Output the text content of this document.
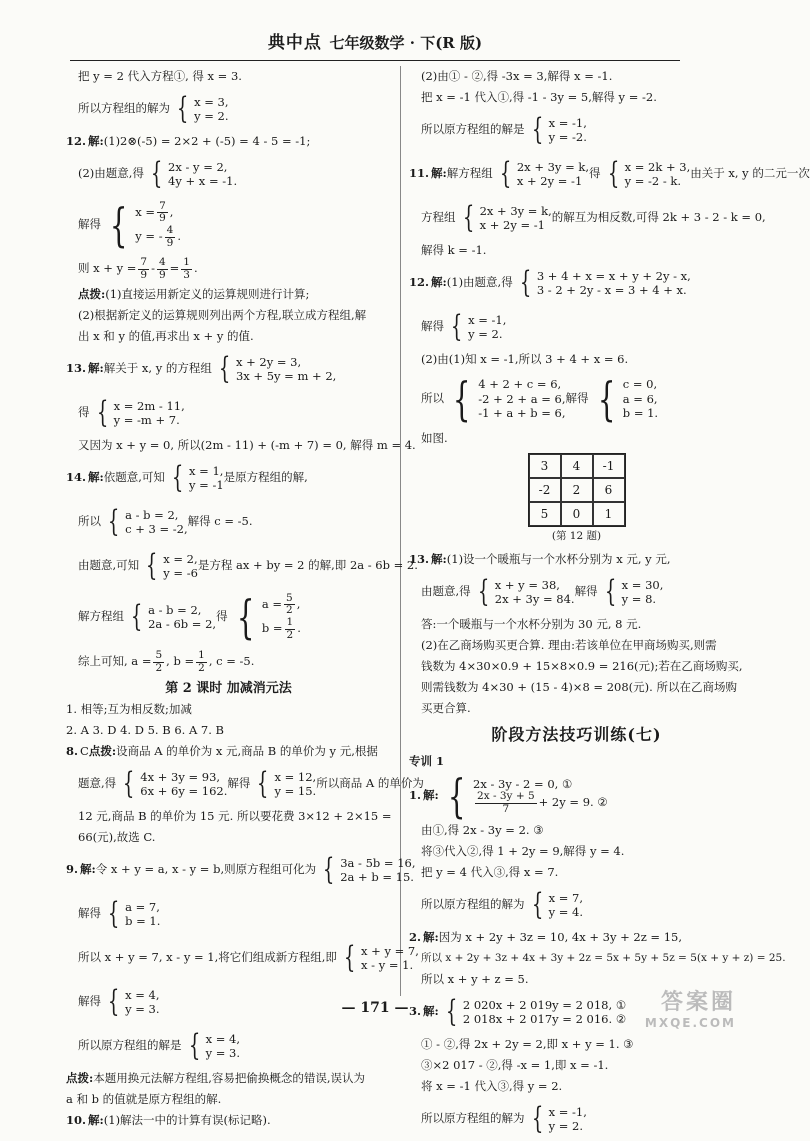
典中点 七年级数学 · 下(R 版)
把 y = 2 代入方程①, 得 x = 3.
所以方程组的解为 { x = 3,
y = 2.
12. 解: (1)2⊗(-5) = 2×2 + (-5) = 4 - 5 = -1;
(2)由题意,得 { 2x - y = 2,
4y + x = -1.
解得 { $x = \frac{7}{9}$ ,
y = - $\frac{4}{9}$ .
则 $x + y = \frac{7}{9} - \frac{4}{9} = \frac{1}{3}$ .
点拨: (1)直接运用新定义的运算规则进行计算;
(2)根据新定义的运算规则列出两个方程,联立成方程组,解
出 x 和 y 的值,再求出 x + y 的值.
13. 解: 解关于 x, y 的方程组 { x + 2y = 3,
3x + 5y = m + 2,
得 { x = 2m - 11,
y = -m + 7.
又因为 x + y = 0, 所以(2m - 11) + (-m + 7) = 0, 解得 m = 4.
14. 解: 依题意,可知 { x = 1,
y = -1
是原方程组的解,
所以 { a - b = 2,
c + 3 = -2,
解得 c = -5.
由题意,可知 { x = 2,
y = -6
是方程 ax + by = 2 的解,即 2a - 6b = 2.
解方程组 { a - b = 2,
2a - 6b = 2,
得 { $a = \frac{5}{2}$ ,
$b = \frac{1}{2}$ .
综上可知, $a = \frac{5}{2}$ , $b = \frac{1}{2}$ , c = -5.
第 2 课时 加减消元法
1. 相等;互为相反数;加减
2. A 3. D 4. D 5. B 6. A 7. B
8. C 点拨: 设商品 A 的单价为 x 元,商品 B 的单价为 y 元,根据
题意,得 { 4x + 3y = 93,
6x + 6y = 162.
解得 { x = 12,
y = 15.
所以商品 A 的单价为
12 元,商品 B 的单价为 15 元. 所以要花费 3×12 + 2×15 =
66(元),故选 C.
9. 解: 令 x + y = a, x - y = b,则原方程组可化为 { 3a - 5b = 16,
2a + b = 15.
解得 { a = 7,
b = 1.
所以 x + y = 7, x - y = 1,将它们组成新方程组,即 { x + y = 7,
x - y = 1.
解得 { x = 4,
y = 3.
所以原方程组的解是 { x = 4,
y = 3.
点拨: 本题用换元法解方程组,容易把偷换概念的错误,误认为
a 和 b 的值就是原方程组的解.
10. 解: (1)解法一中的计算有误(标记略).
(2)由① - ②,得 -3x = 3,解得 x = -1.
把 x = -1 代入①,得 -1 - 3y = 5,解得 y = -2.
所以原方程组的解是 { x = -1,
y = -2.
11. 解: 解方程组 { 2x + 3y = k,
x + 2y = -1
得 { x = 2k + 3,
y = -2 - k.
由关于 x, y 的二元一次
方程组 { 2x + 3y = k,
x + 2y = -1
的解互为相反数,可得 2k + 3 - 2 - k = 0,
解得 k = -1.
12. 解: (1)由题意,得 { 3 + 4 + x = x + y + 2y - x,
3 - 2 + 2y - x = 3 + 4 + x.
解得 { x = -1,
y = 2.
(2)由(1)知 x = -1,所以 3 + 4 + x = 6.
所以 { 4 + 2 + c = 6,
-2 + 2 + a = 6,
-1 + a + b = 6,
解得 { c = 0,
a = 6,
b = 1.
如图.
3	4	-1
-2	2	6
5	0	1
(第 12 题)
13. 解: (1)设一个暖瓶与一个水杯分别为 x 元, y 元,
由题意,得 { x + y = 38,
2x + 3y = 84.
解得 { x = 30,
y = 8.
答:一个暖瓶与一个水杯分别为 30 元, 8 元.
(2)在乙商场购买更合算. 理由:若该单位在甲商场购买,则需
钱数为 4×30×0.9 + 15×8×0.9 = 216(元);若在乙商场购买,
则需钱数为 4×30 + (15 - 4)×8 = 208(元). 所以在乙商场购
买更合算.
阶段方法技巧训练(七)
专训 1
1. 解: { 2x - 3y - 2 = 0, ①
$\frac{2x - 3y + 5}{7} + 2y = 9$. ②
由①,得 2x - 3y = 2. ③
将③代入②,得 1 + 2y = 9,解得 y = 4.
把 y = 4 代入③,得 x = 7.
所以原方程组的解为 { x = 7,
y = 4.
2. 解: 因为 x + 2y + 3z = 10, 4x + 3y + 2z = 15,
所以 x + 2y + 3z + 4x + 3y + 2z = 5x + 5y + 5z = 5(x + y + z) = 25.
所以 x + y + z = 5.
3. 解: { 2 020x + 2 019y = 2 018, ①
2 018x + 2 017y = 2 016. ②
① - ②,得 2x + 2y = 2,即 x + y = 1. ③
③×2 017 - ②,得 -x = 1,即 x = -1.
将 x = -1 代入③,得 y = 2.
所以原方程组的解为 { x = -1,
y = 2.
— 171 —	答案圈
MXQE.COM
